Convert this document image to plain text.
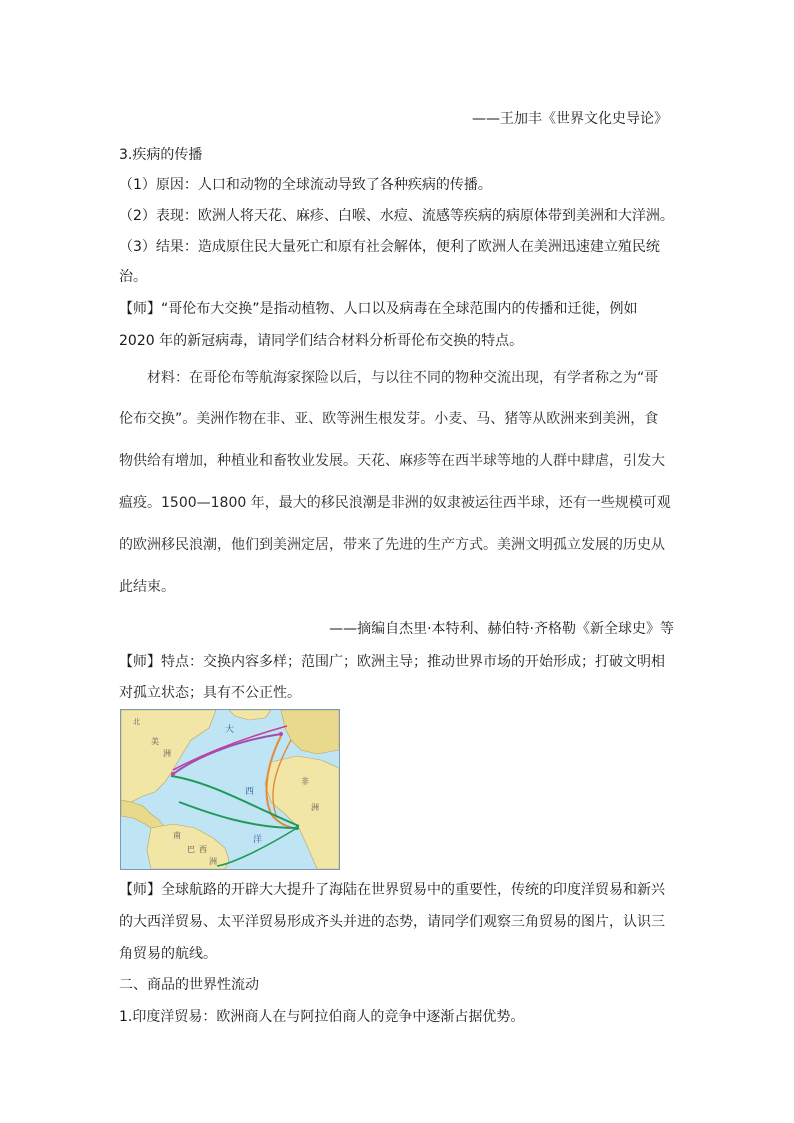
——王加丰《世界文化史导论》
3.疾病的传播
（1）原因：人口和动物的全球流动导致了各种疾病的传播。
（2）表现：欧洲人将天花、麻疹、白喉、水痘、流感等疾病的病原体带到美洲和大洋洲。
（3）结果：造成原住民大量死亡和原有社会解体，便利了欧洲人在美洲迅速建立殖民统
治。
【师】“哥伦布大交换”是指动植物、人口以及病毒在全球范围内的传播和迁徙，例如
2020 年的新冠病毒，请同学们结合材料分析哥伦布交换的特点。
材料：在哥伦布等航海家探险以后，与以往不同的物种交流出现，有学者称之为“哥
伦布交换”。美洲作物在非、亚、欧等洲生根发芽。小麦、马、猪等从欧洲来到美洲，食
物供给有增加，种植业和畜牧业发展。天花、麻疹等在西半球等地的人群中肆虐，引发大
瘟疫。1500—1800 年，最大的移民浪潮是非洲的奴隶被运往西半球，还有一些规模可观
的欧洲移民浪潮，他们到美洲定居，带来了先进的生产方式。美洲文明孤立发展的历史从
此结束。
——摘编自杰里·本特利、赫伯特·齐格勒《新全球史》等
【师】特点：交换内容多样；范围广；欧洲主导；推动世界市场的开始形成；打破文明相
对孤立状态；具有不公正性。
北
大
西
洋
南
巴 西
洲
美
洲
非
洲
【师】全球航路的开辟大大提升了海陆在世界贸易中的重要性，传统的印度洋贸易和新兴
的大西洋贸易、太平洋贸易形成齐头并进的态势，请同学们观察三角贸易的图片，认识三
角贸易的航线。
二、商品的世界性流动
1.印度洋贸易：欧洲商人在与阿拉伯商人的竞争中逐渐占据优势。
